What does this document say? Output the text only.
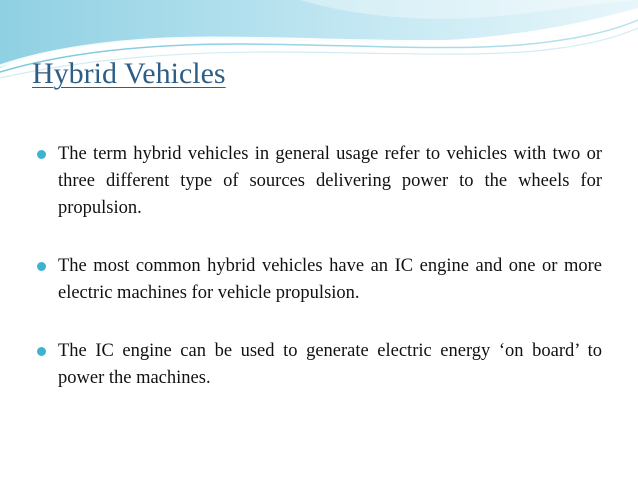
Hybrid Vehicles
The term hybrid vehicles in general usage refer to vehicles with two or three different type of sources delivering power to the wheels for propulsion.
The most common hybrid vehicles have an IC engine and one or more electric machines for vehicle propulsion.
The IC engine can be used to generate electric energy ‘on board’ to power the machines.
